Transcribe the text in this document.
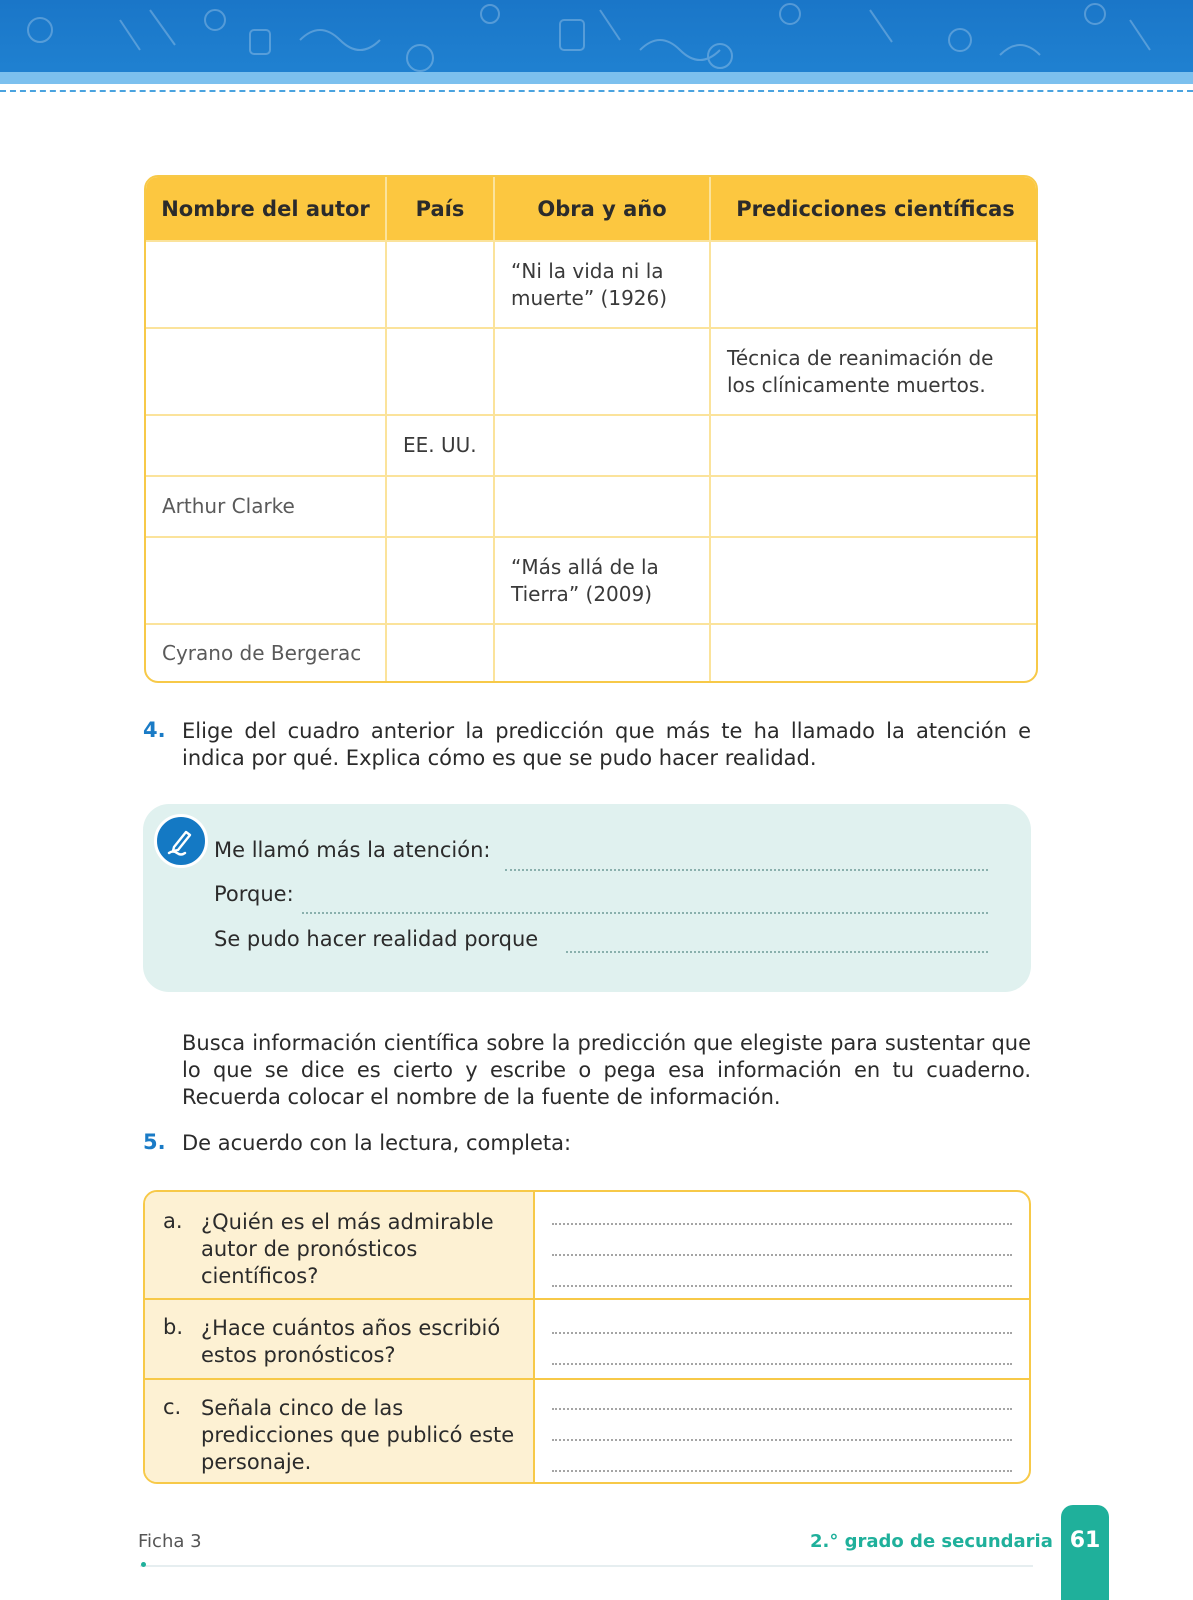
Nombre del autor	País	Obra y año	Predicciones científicas
		“Ni la vida ni la muerte” (1926)	
			Técnica de reanimación de los clínicamente muertos.
	EE. UU.		
Arthur Clarke			
		“Más allá de la Tierra” (2009)	
Cyrano de Bergerac			
4. Elige del cuadro anterior la predicción que más te ha llamado la atención e indica por qué. Explica cómo es que se pudo hacer realidad.
Me llamó más la atención:
Porque:
Se pudo hacer realidad porque
Busca información científica sobre la predicción que elegiste para sustentar que lo que se dice es cierto y escribe o pega esa información en tu cuaderno. Recuerda colocar el nombre de la fuente de información.
5. De acuerdo con la lectura, completa:
a. ¿Quién es el más admirable autor de pronósticos científicos?
b. ¿Hace cuántos años escribió estos pronósticos?
c. Señala cinco de las predicciones que publicó este personaje.
Ficha 3	2.° grado de secundaria 61
